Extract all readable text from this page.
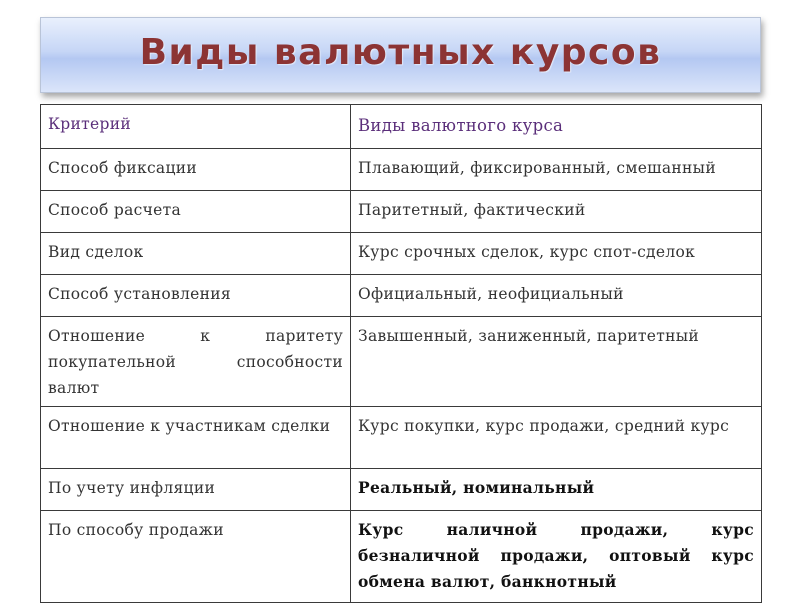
Виды валютных курсов
Критерий	Виды валютного курса
Способ фиксации	Плавающий, фиксированный, смешанный
Способ расчета	Паритетный, фактический
Вид сделок	Курс срочных сделок, курс спот-сделок
Способ установления	Официальный, неофициальный
Отношение к паритету покупательной способности валют	Завышенный, заниженный, паритетный
Отношение к участникам сделки	Курс покупки, курс продажи, средний курс
По учету инфляции	Реальный, номинальный
По способу продажи	Курс наличной продажи, курс безналичной продажи, оптовый курс обмена валют, банкнотный
